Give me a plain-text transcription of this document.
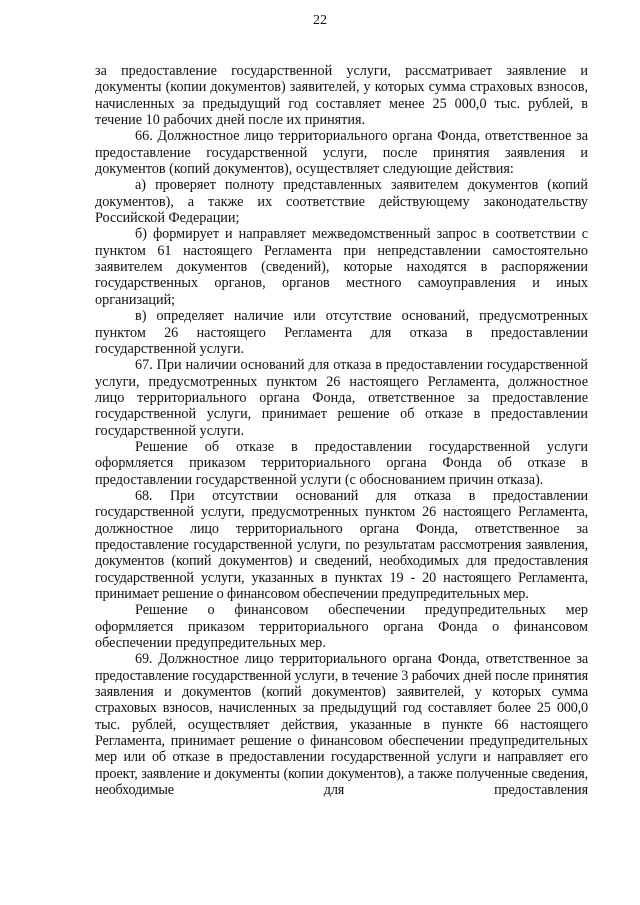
22

за предоставление государственной услуги, рассматривает заявление и документы (копии документов) заявителей, у которых сумма страховых взносов, начисленных за предыдущий год составляет менее 25 000,0 тыс. рублей, в течение 10 рабочих дней после их принятия.

66. Должностное лицо территориального органа Фонда, ответственное за предоставление государственной услуги, после принятия заявления и документов (копий документов), осуществляет следующие действия:

а) проверяет полноту представленных заявителем документов (копий документов), а также их соответствие действующему законодательству Российской Федерации;

б) формирует и направляет межведомственный запрос в соответствии с пунктом 61 настоящего Регламента при непредставлении самостоятельно заявителем документов (сведений), которые находятся в распоряжении государственных органов, органов местного самоуправления и иных организаций;

в) определяет наличие или отсутствие оснований, предусмотренных пунктом 26 настоящего Регламента для отказа в предоставлении государственной услуги.

67. При наличии оснований для отказа в предоставлении государственной услуги, предусмотренных пунктом 26 настоящего Регламента, должностное лицо территориального органа Фонда, ответственное за предоставление государственной услуги, принимает решение об отказе в предоставлении государственной услуги.

Решение об отказе в предоставлении государственной услуги оформляется приказом территориального органа Фонда об отказе в предоставлении государственной услуги (с обоснованием причин отказа).

68. При отсутствии оснований для отказа в предоставлении государственной услуги, предусмотренных пунктом 26 настоящего Регламента, должностное лицо территориального органа Фонда, ответственное за предоставление государственной услуги, по результатам рассмотрения заявления, документов (копий документов) и сведений, необходимых для предоставления государственной услуги, указанных в пунктах 19 - 20 настоящего Регламента, принимает решение о финансовом обеспечении предупредительных мер.

Решение о финансовом обеспечении предупредительных мер оформляется приказом территориального органа Фонда о финансовом обеспечении предупредительных мер.

69. Должностное лицо территориального органа Фонда, ответственное за предоставление государственной услуги, в течение 3 рабочих дней после принятия заявления и документов (копий документов) заявителей, у которых сумма страховых взносов, начисленных за предыдущий год составляет более 25 000,0 тыс. рублей, осуществляет действия, указанные в пункте 66 настоящего Регламента, принимает решение о финансовом обеспечении предупредительных мер или об отказе в предоставлении государственной услуги и направляет его проект, заявление и документы (копии документов), а также полученные сведения, необходимые для предоставления
